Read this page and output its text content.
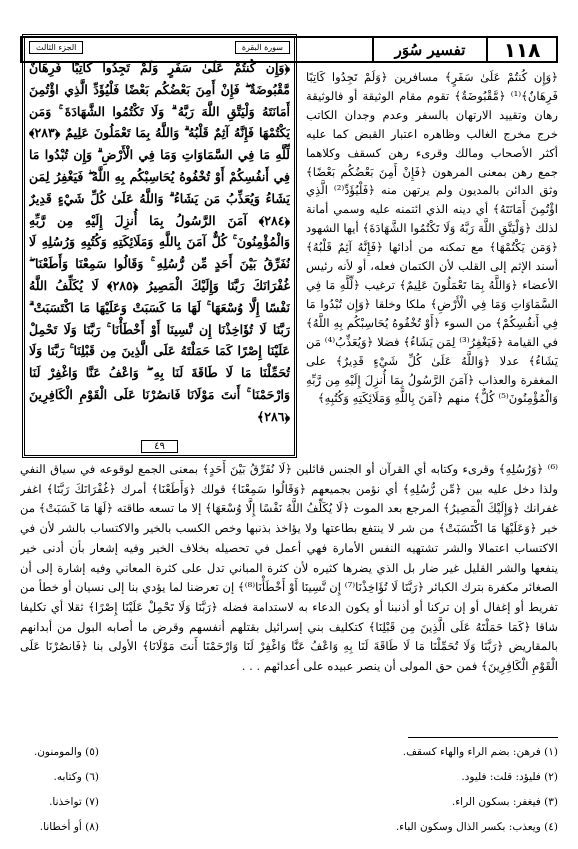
١١٨
تفسير سُوَر
سورة البقرة
الجزء الثالث
﴿وَإِن كُنتُمْ عَلَىٰ سَفَرٍ وَلَمْ تَجِدُوا كَاتِبًا فَرِهَانٌ مَّقْبُوضَةٌ ۖ فَإِنْ أَمِنَ بَعْضُكُم بَعْضًا فَلْيُؤَدِّ الَّذِي اؤْتُمِنَ أَمَانَتَهُ وَلْيَتَّقِ اللَّهَ رَبَّهُ ۗ وَلَا تَكْتُمُوا الشَّهَادَةَ ۚ وَمَن يَكْتُمْهَا فَإِنَّهُ آثِمٌ قَلْبُهُ ۗ وَاللَّهُ بِمَا تَعْمَلُونَ عَلِيمٌ ﴿٢٨٣﴾ لِّلَّهِ مَا فِي السَّمَاوَاتِ وَمَا فِي الْأَرْضِ ۗ وَإِن تُبْدُوا مَا فِي أَنفُسِكُمْ أَوْ تُخْفُوهُ يُحَاسِبْكُم بِهِ اللَّهُ ۖ فَيَغْفِرُ لِمَن يَشَاءُ وَيُعَذِّبُ مَن يَشَاءُ ۗ وَاللَّهُ عَلَىٰ كُلِّ شَيْءٍ قَدِيرٌ ﴿٢٨٤﴾ آمَنَ الرَّسُولُ بِمَا أُنزِلَ إِلَيْهِ مِن رَّبِّهِ وَالْمُؤْمِنُونَ ۚ كُلٌّ آمَنَ بِاللَّهِ وَمَلَائِكَتِهِ وَكُتُبِهِ وَرُسُلِهِ لَا نُفَرِّقُ بَيْنَ أَحَدٍ مِّن رُّسُلِهِ ۚ وَقَالُوا سَمِعْنَا وَأَطَعْنَا ۖ غُفْرَانَكَ رَبَّنَا وَإِلَيْكَ الْمَصِيرُ ﴿٢٨٥﴾ لَا يُكَلِّفُ اللَّهُ نَفْسًا إِلَّا وُسْعَهَا ۚ لَهَا مَا كَسَبَتْ وَعَلَيْهَا مَا اكْتَسَبَتْ ۗ رَبَّنَا لَا تُؤَاخِذْنَا إِن نَّسِينَا أَوْ أَخْطَأْنَا ۚ رَبَّنَا وَلَا تَحْمِلْ عَلَيْنَا إِصْرًا كَمَا حَمَلْتَهُ عَلَى الَّذِينَ مِن قَبْلِنَا ۚ رَبَّنَا وَلَا تُحَمِّلْنَا مَا لَا طَاقَةَ لَنَا بِهِ ۖ وَاعْفُ عَنَّا وَاغْفِرْ لَنَا وَارْحَمْنَا ۚ أَنتَ مَوْلَانَا فَانصُرْنَا عَلَى الْقَوْمِ الْكَافِرِينَ ﴿٢٨٦﴾
٤٩
﴿وَإِن كُنتُمْ عَلَىٰ سَفَرٍ﴾ مسافرين ﴿وَلَمْ تَجِدُوا كَاتِبًا فَرِهَانٌ﴾⁽¹⁾ ﴿مَّقْبُوضَةٌ﴾ تقوم مقام الوثيقة أو فالوثيقة رهان وتقييد الارتهان بالسفر وعدم وجدان الكاتب خرج مخرج الغالب وظاهره اعتبار القبض كما عليه أكثر الأصحاب ومالك وقرىء رهن كسقف وكلاهما جمع رهن بمعنى المرهون ﴿فَإِنْ أَمِنَ بَعْضُكُم بَعْضًا﴾ وثق الدائن بالمديون ولم يرتهن منه ﴿فَلْيُؤَدِّ⁽²⁾ الَّذِي اؤْتُمِنَ أَمَانَتَهُ﴾ أي دينه الذي ائتمنه عليه وسمي أمانة لذلك ﴿وَلْيَتَّقِ اللَّهَ رَبَّهُ وَلَا تَكْتُمُوا الشَّهَادَةَ﴾ أيها الشهود ﴿وَمَن يَكْتُمْهَا﴾ مع تمكنه من أدائها ﴿فَإِنَّهُ آثِمٌ قَلْبُهُ﴾ أسند الإثم إلى القلب لأن الكتمان فعله، أو لأنه رئيس الأعضاء ﴿وَاللَّهُ بِمَا تَعْمَلُونَ عَلِيمٌ﴾ ترغيب ﴿لِّلَّهِ مَا فِي السَّمَاوَاتِ وَمَا فِي الْأَرْضِ﴾ ملكا وخلقا ﴿وَإِن تُبْدُوا مَا فِي أَنفُسِكُمْ﴾ من السوء ﴿أَوْ تُخْفُوهُ يُحَاسِبْكُم بِهِ اللَّهُ﴾ في القيامة ﴿فَيَغْفِرُ⁽³⁾ لِمَن يَشَاءُ﴾ فضلا ﴿وَيُعَذِّبُ⁽⁴⁾ مَن يَشَاءُ﴾ عدلا ﴿وَاللَّهُ عَلَىٰ كُلِّ شَيْءٍ قَدِيرٌ﴾ على المغفرة والعذاب ﴿آمَنَ الرَّسُولُ بِمَا أُنزِلَ إِلَيْهِ مِن رَّبِّهِ وَالْمُؤْمِنُونَ⁽⁵⁾ كُلٌّ﴾ منهم ﴿آمَنَ بِاللَّهِ وَمَلَائِكَتِهِ وَكُتُبِهِ﴾
⁽⁶⁾ ﴿وَرُسُلِهِ﴾ وقرىء وكتابه أي القرآن أو الجنس قائلين ﴿لَا نُفَرِّقُ بَيْنَ أَحَدٍ﴾ بمعنى الجمع لوقوعه في سياق النفي ولذا دخل عليه بين ﴿مِّن رُّسُلِهِ﴾ أي نؤمن بجميعهم ﴿وَقَالُوا سَمِعْنَا﴾ قولك ﴿وَأَطَعْنَا﴾ أمرك ﴿غُفْرَانَكَ رَبَّنَا﴾ اغفر غفرانك ﴿وَإِلَيْكَ الْمَصِيرُ﴾ المرجع بعد الموت ﴿لَا يُكَلِّفُ اللَّهُ نَفْسًا إِلَّا وُسْعَهَا﴾ إلا ما تسعه طاقته ﴿لَهَا مَا كَسَبَتْ﴾ من خير ﴿وَعَلَيْهَا مَا اكْتَسَبَتْ﴾ من شر لا ينتفع بطاعتها ولا يؤاخذ بذنبها وخص الكسب بالخير والاكتساب بالشر لأن في الاكتساب اعتمالا والشر تشتهيه النفس الأمارة فهي أعمل في تحصيله بخلاف الخير وفيه إشعار بأن أدنى خير ينفعها والشر القليل غير ضار بل الذي يضرها كثيره لأن كثرة المباني تدل على كثرة المعاني وفيه إشارة إلى أن الصغائر مكفرة بترك الكبائر ﴿رَبَّنَا لَا تُؤَاخِذْنَا⁽⁷⁾ إِن نَّسِينَا أَوْ أَخْطَأْنَا⁽⁸⁾﴾ إن تعرضنا لما يؤدي بنا إلى نسيان أو خطأ من تفريط أو إغفال أو إن تركنا أو أذنبنا أو يكون الدعاء به لاستدامة فضله ﴿رَبَّنَا وَلَا تَحْمِلْ عَلَيْنَا إِصْرًا﴾ ثقلا أي تكليفا شاقا ﴿كَمَا حَمَلْتَهُ عَلَى الَّذِينَ مِن قَبْلِنَا﴾ كتكليف بني إسرائيل بقتلهم أنفسهم وقرض ما أصابه البول من أبدانهم بالمقاريض ﴿رَبَّنَا وَلَا تُحَمِّلْنَا مَا لَا طَاقَةَ لَنَا بِهِ وَاعْفُ عَنَّا وَاغْفِرْ لَنَا وَارْحَمْنَا أَنتَ مَوْلَانَا﴾ الأولى بنا ﴿فَانصُرْنَا عَلَى الْقَوْمِ الْكَافِرِينَ﴾ فمن حق المولى أن ينصر عبيده على أعدائهم . . .
(١) فرهن: بضم الراء والهاء كسقف.
(٢) فليؤد: قلت: فليود.
(٣) فيغفر: بسكون الراء.
(٤) ويعذب: بكسر الذال وسكون الباء.
(٥) والمومنون.
(٦) وكتابه.
(٧) تواخذنا.
(٨) أو أخطانا.
